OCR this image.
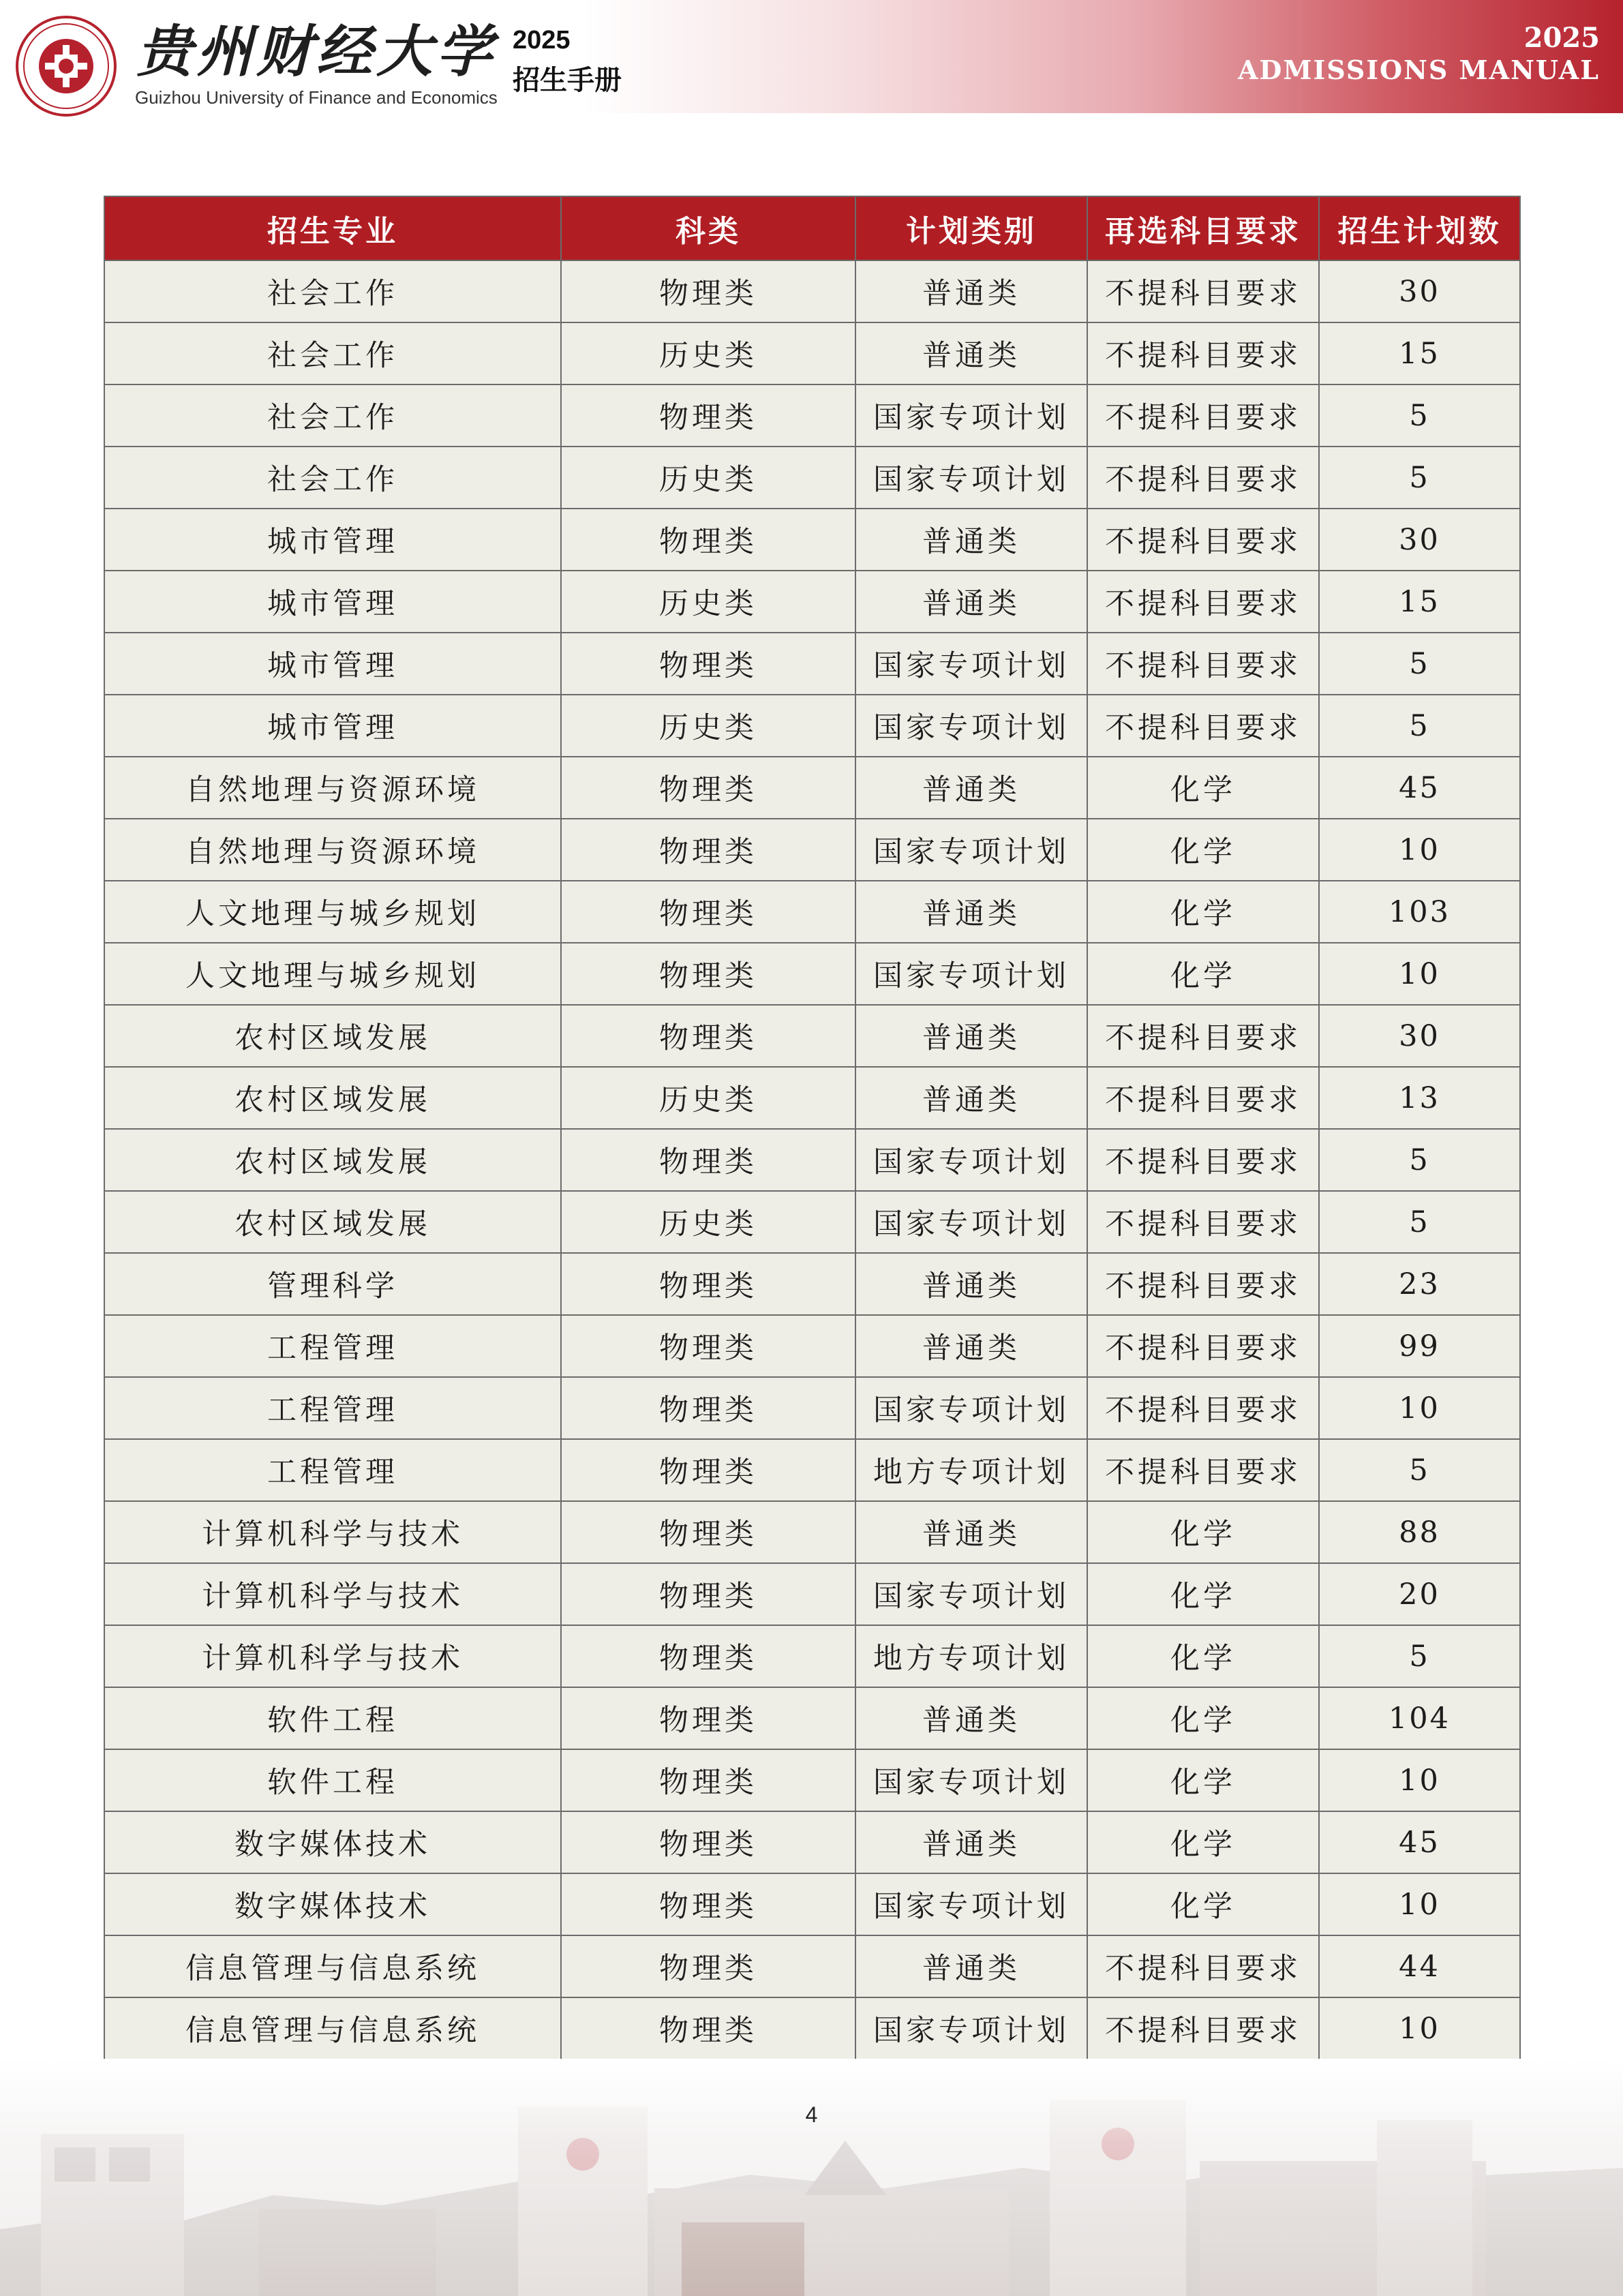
贵州财经大学
Guizhou University of Finance and Economics
2025
招生手册
2025
ADMISSIONS MANUAL
招生专业	科类	计划类别	再选科目要求	招生计划数
社会工作	物理类	普通类	不提科目要求	30
社会工作	历史类	普通类	不提科目要求	15
社会工作	物理类	国家专项计划	不提科目要求	5
社会工作	历史类	国家专项计划	不提科目要求	5
城市管理	物理类	普通类	不提科目要求	30
城市管理	历史类	普通类	不提科目要求	15
城市管理	物理类	国家专项计划	不提科目要求	5
城市管理	历史类	国家专项计划	不提科目要求	5
自然地理与资源环境	物理类	普通类	化学	45
自然地理与资源环境	物理类	国家专项计划	化学	10
人文地理与城乡规划	物理类	普通类	化学	103
人文地理与城乡规划	物理类	国家专项计划	化学	10
农村区域发展	物理类	普通类	不提科目要求	30
农村区域发展	历史类	普通类	不提科目要求	13
农村区域发展	物理类	国家专项计划	不提科目要求	5
农村区域发展	历史类	国家专项计划	不提科目要求	5
管理科学	物理类	普通类	不提科目要求	23
工程管理	物理类	普通类	不提科目要求	99
工程管理	物理类	国家专项计划	不提科目要求	10
工程管理	物理类	地方专项计划	不提科目要求	5
计算机科学与技术	物理类	普通类	化学	88
计算机科学与技术	物理类	国家专项计划	化学	20
计算机科学与技术	物理类	地方专项计划	化学	5
软件工程	物理类	普通类	化学	104
软件工程	物理类	国家专项计划	化学	10
数字媒体技术	物理类	普通类	化学	45
数字媒体技术	物理类	国家专项计划	化学	10
信息管理与信息系统	物理类	普通类	不提科目要求	44
信息管理与信息系统	物理类	国家专项计划	不提科目要求	10
4
